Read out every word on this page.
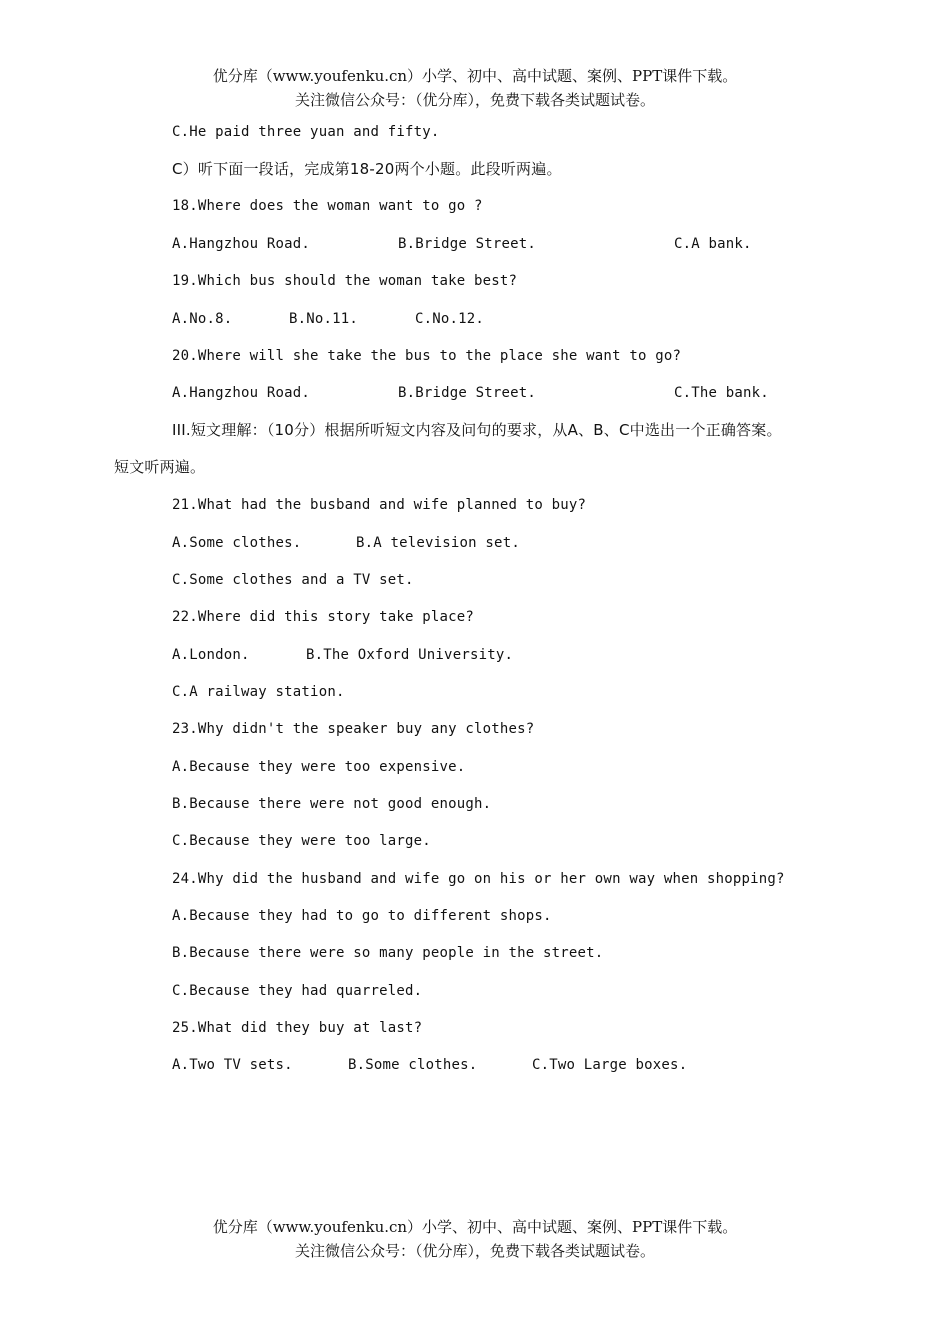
优分库（www.youfenku.cn）小学、初中、高中试题、案例、PPT课件下载。
关注微信公众号：（优分库），免费下载各类试题试卷。
C.He paid three yuan and fifty.
C）听下面一段话，完成第18-20两个小题。此段听两遍。
18.Where does the woman want to go ?
A.Hangzhou Road.	B.Bridge Street.	C.A bank.
19.Which bus should the woman take best?
A.No.8.	B.No.11.	C.No.12.
20.Where will she take the bus to the place she want to go?
A.Hangzhou Road.	B.Bridge Street.	C.The bank.
III.短文理解：（10分）根据所听短文内容及问句的要求，从A、B、C中选出一个正确答案。
短文听两遍。
21.What had the busband and wife planned to buy?
A.Some clothes.	B.A television set.
C.Some clothes and a TV set.
22.Where did this story take place?
A.London.	B.The Oxford University.
C.A railway station.
23.Why didn't the speaker buy any clothes?
A.Because they were too expensive.
B.Because there were not good enough.
C.Because they were too large.
24.Why did the husband and wife go on his or her own way when shopping?
A.Because they had to go to different shops.
B.Because there were so many people in the street.
C.Because they had quarreled.
25.What did they buy at last?
A.Two TV sets.	B.Some clothes.	C.Two Large boxes.
优分库（www.youfenku.cn）小学、初中、高中试题、案例、PPT课件下载。
关注微信公众号：（优分库），免费下载各类试题试卷。
